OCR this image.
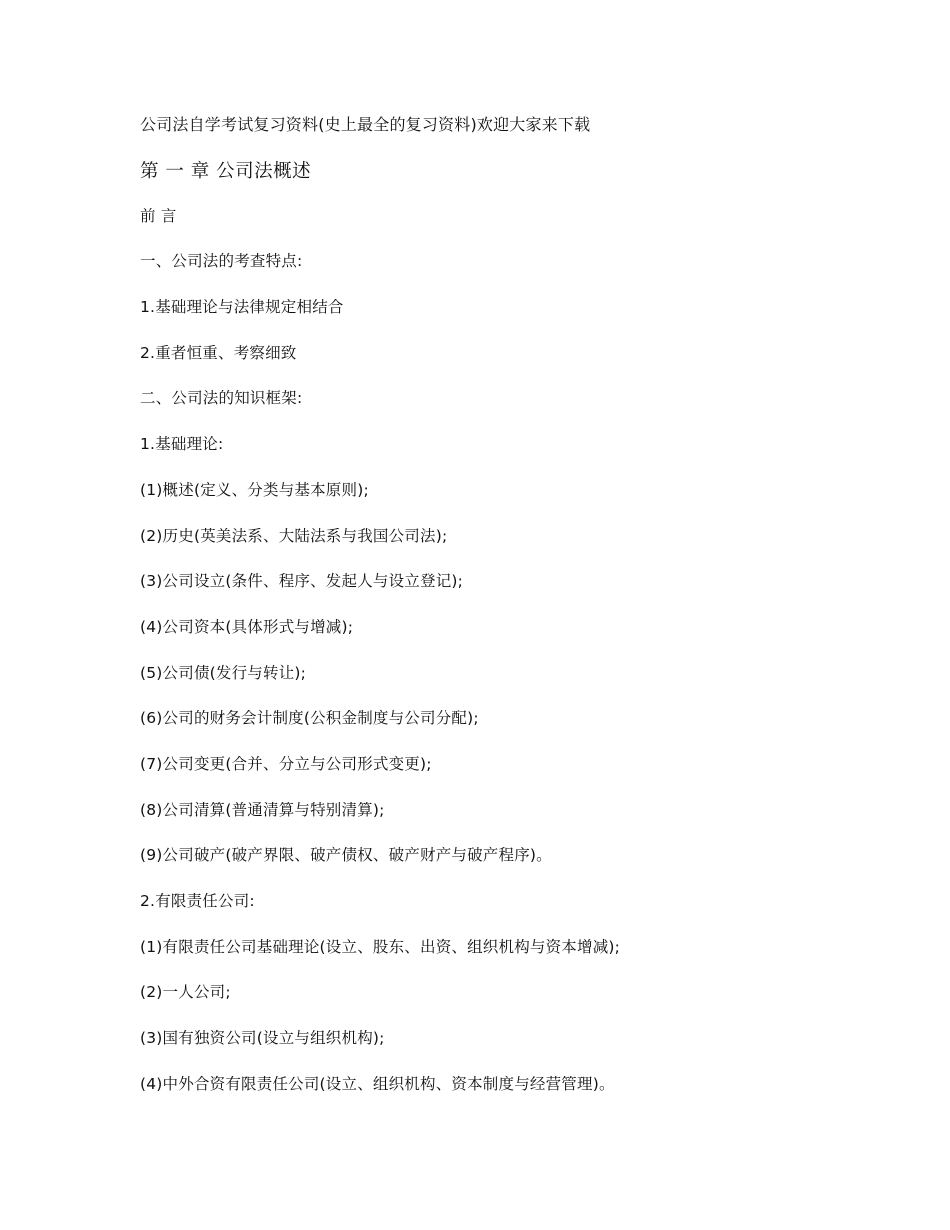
公司法自学考试复习资料(史上最全的复习资料)欢迎大家来下载
第 一 章 公司法概述
前 言
一、公司法的考查特点:
1.基础理论与法律规定相结合
2.重者恒重、考察细致
二、公司法的知识框架:
1.基础理论:
(1)概述(定义、分类与基本原则);
(2)历史(英美法系、大陆法系与我国公司法);
(3)公司设立(条件、程序、发起人与设立登记);
(4)公司资本(具体形式与增减);
(5)公司债(发行与转让);
(6)公司的财务会计制度(公积金制度与公司分配);
(7)公司变更(合并、分立与公司形式变更);
(8)公司清算(普通清算与特别清算);
(9)公司破产(破产界限、破产债权、破产财产与破产程序)。
2.有限责任公司:
(1)有限责任公司基础理论(设立、股东、出资、组织机构与资本增减);
(2)一人公司;
(3)国有独资公司(设立与组织机构);
(4)中外合资有限责任公司(设立、组织机构、资本制度与经营管理)。
